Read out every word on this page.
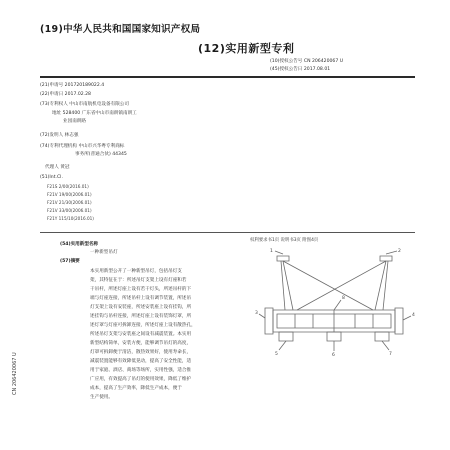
(19)中华人民共和国国家知识产权局
(12)实用新型专利
(10)授权公告号 CN 206420067 U
(45)授权公告日 2017.08.01
(21)申请号 201720189022.4
(22)申请日 2017.02.28
(73)专利权人 中山市南航机电设备有限公司
地址 528400 广东省中山市南朗镇南朗工
业园南朗路
(72)发明人 林志强
(74)专利代理机构 中山市兴华粤专利商标
事务所(普通合伙) 44345
代理人 黄冠
(51)Int.Cl.
F21S 2/00(2016.01)
F21V 19/00(2006.01)
F21V 21/30(2006.01)
F21V 33/00(2006.01)
F21Y 115/10(2016.01)
权利要求书1页 说明书3页 附图4页
(54)实用新型名称
一种新型吊灯
(57)摘要
本实用新型公开了一种新型吊灯，包括吊灯支
架，其特征在于：所述吊灯支架上设有灯座和若
干吊杆，所述灯座上设有若干灯头，所述吊杆的下
端与灯座连接，所述吊杆上设有调节装置，所述吊
灯支架上设有安装座，所述安装座上设有挂钩，所
述挂钩与吊杆连接，所述灯座上设有装饰灯罩，所
述灯罩与灯座可拆卸连接，所述灯座上设有散热孔，
所述吊灯支架与安装座之间设有减震装置。本实用
新型结构简单，安装方便，能够调节吊灯的高度，
灯罩可拆卸便于清洁，散热效果好，使用寿命长，
减震装置能够有效降低晃动，提高了安全性能，适
用于家庭、酒店、商场等场所，实用性强，适合推
广应用，有效提高了吊灯的使用效果，降低了维护
成本，提高了生产效率，降低生产成本，便于
生产使用。
CN 206420067 U
1	2
3	4
5	6	7
8
